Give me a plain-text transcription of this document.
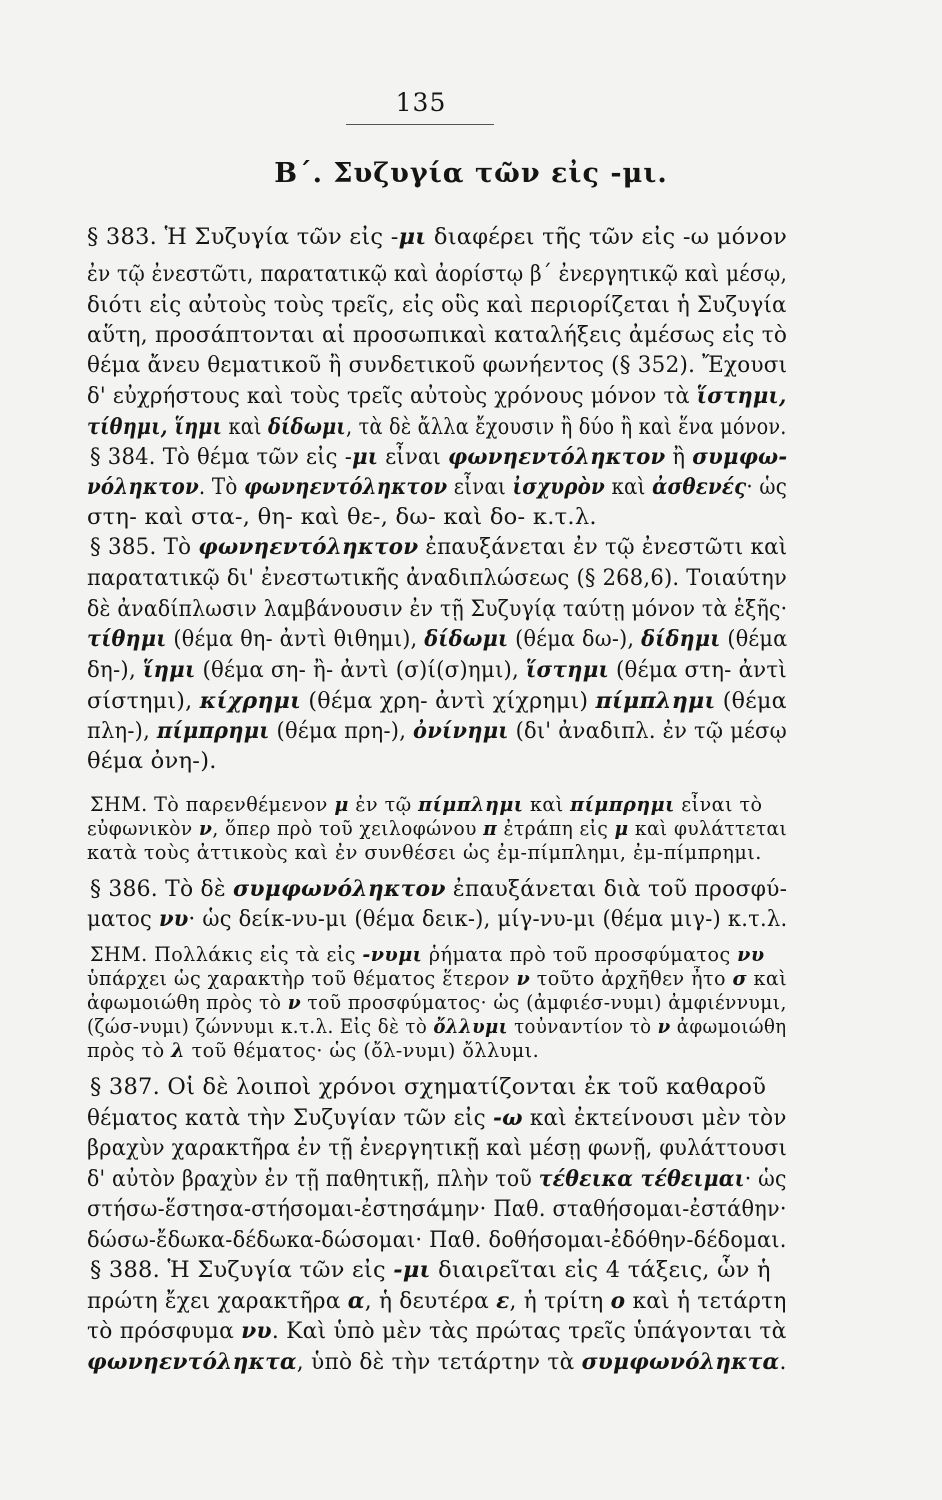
135
Β΄. Συζυγία τῶν εἰς -μι.
§ 383. Ἡ Συζυγία τῶν εἰς -μι διαφέρει τῆς τῶν εἰς -ω μόνον
ἐν τῷ ἐνεστῶτι, παρατατικῷ καὶ ἀορίστῳ β΄ ἐνεργητικῷ καὶ μέσῳ,
διότι εἰς αὐτοὺς τοὺς τρεῖς, εἰς οὓς καὶ περιορίζεται ἡ Συζυγία
αὕτη, προσάπτονται αἱ προσωπικαὶ καταλήξεις ἀμέσως εἰς τὸ
θέμα ἄνευ θεματικοῦ ἢ συνδετικοῦ φωνήεντος (§ 352). Ἔχουσι
δ' εὐχρήστους καὶ τοὺς τρεῖς αὐτοὺς χρόνους μόνον τὰ ἵστημι,
τίθημι, ἵημι καὶ δίδωμι, τὰ δὲ ἄλλα ἔχουσιν ἢ δύο ἢ καὶ ἕνα μόνον.
§ 384. Τὸ θέμα τῶν εἰς -μι εἶναι φωνηεντόληκτον ἢ συμφω-
νόληκτον. Τὸ φωνηεντόληκτον εἶναι ἰσχυρὸν καὶ ἀσθενές· ὡς
στη- καὶ στα-, θη- καὶ θε-, δω- καὶ δο- κ.τ.λ.
§ 385. Τὸ φωνηεντόληκτον ἐπαυξάνεται ἐν τῷ ἐνεστῶτι καὶ
παρατατικῷ δι' ἐνεστωτικῆς ἀναδιπλώσεως (§ 268,6). Τοιαύτην
δὲ ἀναδίπλωσιν λαμβάνουσιν ἐν τῇ Συζυγίᾳ ταύτῃ μόνον τὰ ἑξῆς·
τίθημι (θέμα θη- ἀντὶ θιθημι), δίδωμι (θέμα δω-), δίδημι (θέμα
δη-), ἵημι (θέμα ση- ἢ- ἀντὶ (σ)ί(σ)ημι), ἵστημι (θέμα στη- ἀντὶ
σίστημι), κίχρημι (θέμα χρη- ἀντὶ χίχρημι) πίμπλημι (θέμα
πλη-), πίμπρημι (θέμα πρη-), ὀνίνημι (δι' ἀναδιπλ. ἐν τῷ μέσῳ
θέμα ὀνη-).
ΣΗΜ. Τὸ παρενθέμενον μ ἐν τῷ πίμπλημι καὶ πίμπρημι εἶναι τὸ
εὐφωνικὸν ν, ὅπερ πρὸ τοῦ χειλοφώνου π ἐτράπη εἰς μ καὶ φυλάττεται
κατὰ τοὺς ἀττικοὺς καὶ ἐν συνθέσει ὡς ἐμ-πίμπλημι, ἐμ-πίμπρημι.
§ 386. Τὸ δὲ συμφωνόληκτον ἐπαυξάνεται διὰ τοῦ προσφύ-
ματος νυ· ὡς δείκ-νυ-μι (θέμα δεικ-), μίγ-νυ-μι (θέμα μιγ-) κ.τ.λ.
ΣΗΜ. Πολλάκις εἰς τὰ εἰς -νυμι ῥήματα πρὸ τοῦ προσφύματος νυ
ὑπάρχει ὡς χαρακτὴρ τοῦ θέματος ἕτερον ν τοῦτο ἀρχῆθεν ἦτο σ καὶ
ἀφωμοιώθη πρὸς τὸ ν τοῦ προσφύματος· ὡς (ἀμφιέσ-νυμι) ἀμφιέννυμι,
(ζώσ-νυμι) ζώννυμι κ.τ.λ. Εἰς δὲ τὸ ὄλλυμι τοὐναντίον τὸ ν ἀφωμοιώθη
πρὸς τὸ λ τοῦ θέματος· ὡς (ὄλ-νυμι) ὄλλυμι.
§ 387. Οἱ δὲ λοιποὶ χρόνοι σχηματίζονται ἐκ τοῦ καθαροῦ
θέματος κατὰ τὴν Συζυγίαν τῶν εἰς -ω καὶ ἐκτείνουσι μὲν τὸν
βραχὺν χαρακτῆρα ἐν τῇ ἐνεργητικῇ καὶ μέσῃ φωνῇ, φυλάττουσι
δ' αὐτὸν βραχὺν ἐν τῇ παθητικῇ, πλὴν τοῦ τέθεικα τέθειμαι· ὡς
στήσω-ἕστησα-στήσομαι-ἐστησάμην· Παθ. σταθήσομαι-ἐστάθην·
δώσω-ἔδωκα-δέδωκα-δώσομαι· Παθ. δοθήσομαι-ἐδόθην-δέδομαι.
§ 388. Ἡ Συζυγία τῶν εἰς -μι διαιρεῖται εἰς 4 τάξεις, ὧν ἡ
πρώτη ἔχει χαρακτῆρα α, ἡ δευτέρα ε, ἡ τρίτη ο καὶ ἡ τετάρτη
τὸ πρόσφυμα νυ. Καὶ ὑπὸ μὲν τὰς πρώτας τρεῖς ὑπάγονται τὰ
φωνηεντόληκτα, ὑπὸ δὲ τὴν τετάρτην τὰ συμφωνόληκτα.
